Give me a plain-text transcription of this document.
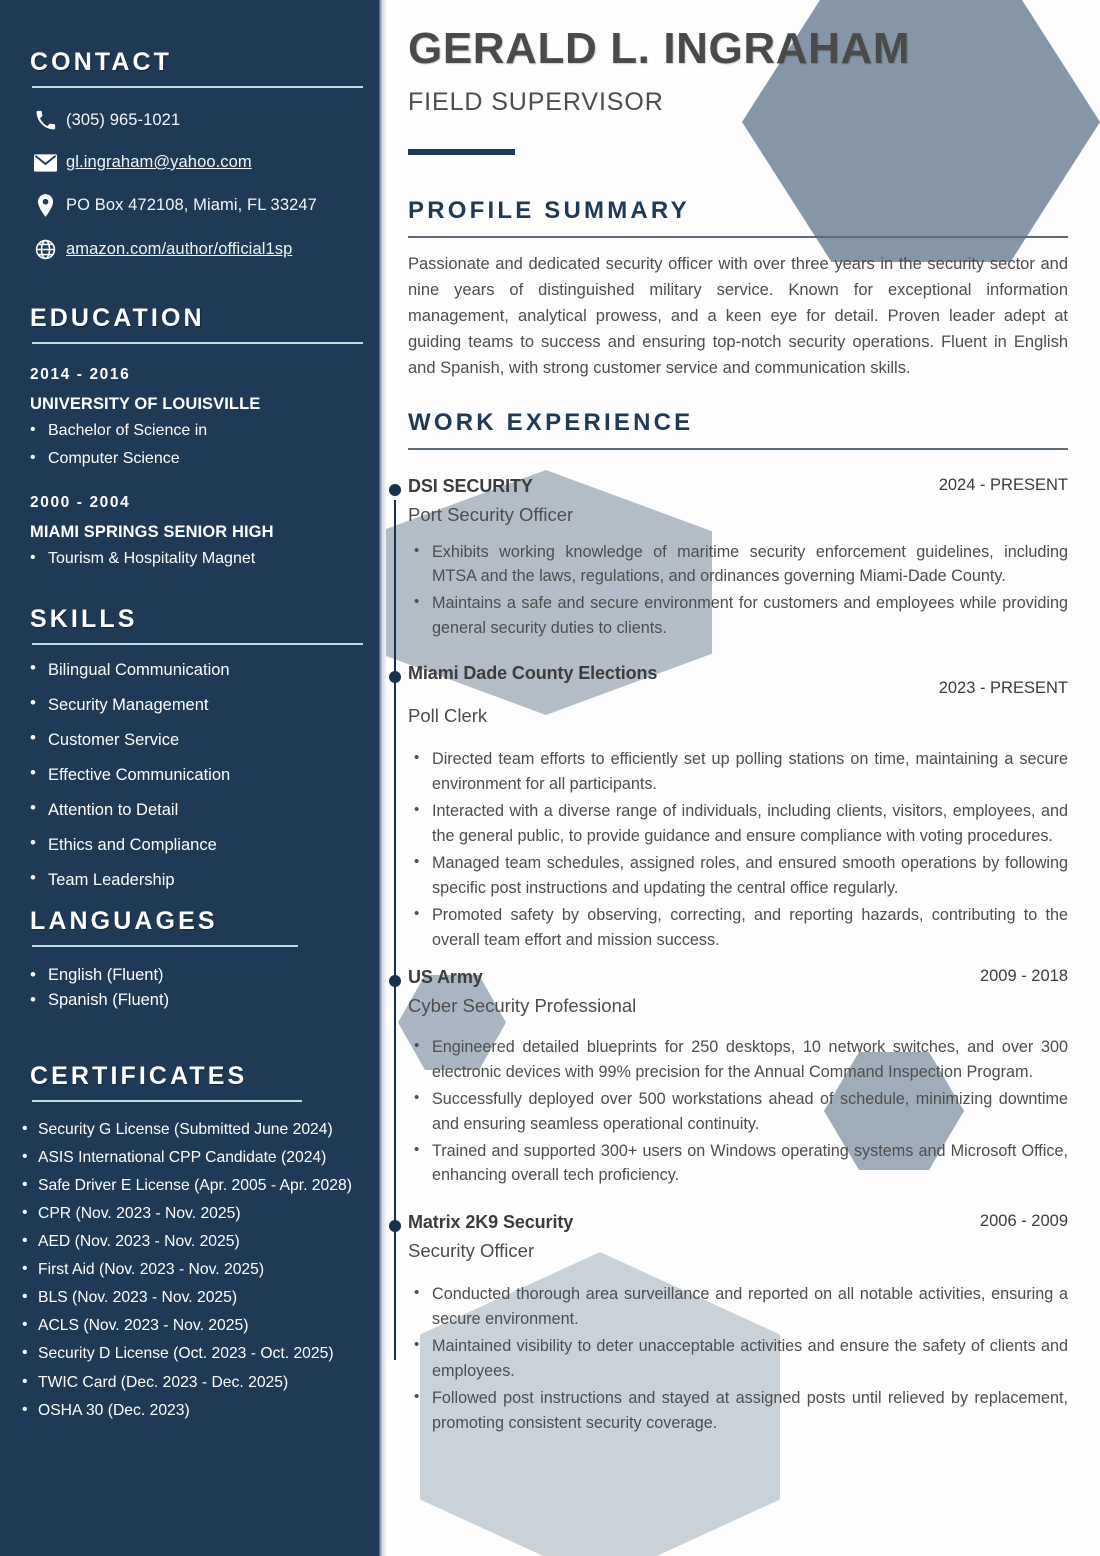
CONTACT
(305) 965-1021
gl.ingraham@yahoo.com
PO Box 472108, Miami, FL 33247
amazon.com/author/official1sp
EDUCATION
2014 - 2016
UNIVERSITY OF LOUISVILLE
• Bachelor of Science in
• Computer Science
2000 - 2004
MIAMI SPRINGS SENIOR HIGH
• Tourism & Hospitality Magnet
SKILLS
• Bilingual Communication
• Security Management
• Customer Service
• Effective Communication
• Attention to Detail
• Ethics and Compliance
• Team Leadership
LANGUAGES
• English (Fluent)
• Spanish (Fluent)
CERTIFICATES
• Security G License (Submitted June 2024)
• ASIS International CPP Candidate (2024)
• Safe Driver E License (Apr. 2005 - Apr. 2028)
• CPR (Nov. 2023 - Nov. 2025)
• AED (Nov. 2023 - Nov. 2025)
• First Aid (Nov. 2023 - Nov. 2025)
• BLS (Nov. 2023 - Nov. 2025)
• ACLS (Nov. 2023 - Nov. 2025)
• Security D License (Oct. 2023 - Oct. 2025)
• TWIC Card (Dec. 2023 - Dec. 2025)
• OSHA 30 (Dec. 2023)
GERALD L. INGRAHAM
FIELD SUPERVISOR
PROFILE SUMMARY

Passionate and dedicated security officer with over three years in the security sector and nine years of distinguished military service. Known for exceptional information management, analytical prowess, and a keen eye for detail. Proven leader adept at guiding teams to success and ensuring top-notch security operations. Fluent in English and Spanish, with strong customer service and communication skills.

WORK EXPERIENCE
DSI SECURITY	2024 - PRESENT
Port Security Officer
• Exhibits working knowledge of maritime security enforcement guidelines, including MTSA and the laws, regulations, and ordinances governing Miami-Dade County.
• Maintains a safe and secure environment for customers and employees while providing general security duties to clients.
Miami Dade County Elections
2023 - PRESENT
Poll Clerk
• Directed team efforts to efficiently set up polling stations on time, maintaining a secure environment for all participants.
• Interacted with a diverse range of individuals, including clients, visitors, employees, and the general public, to provide guidance and ensure compliance with voting procedures.
• Managed team schedules, assigned roles, and ensured smooth operations by following specific post instructions and updating the central office regularly.
• Promoted safety by observing, correcting, and reporting hazards, contributing to the overall team effort and mission success.
US Army	2009 - 2018
Cyber Security Professional
• Engineered detailed blueprints for 250 desktops, 10 network switches, and over 300 electronic devices with 99% precision for the Annual Command Inspection Program.
• Successfully deployed over 500 workstations ahead of schedule, minimizing downtime and ensuring seamless operational continuity.
• Trained and supported 300+ users on Windows operating systems and Microsoft Office, enhancing overall tech proficiency.
Matrix 2K9 Security	2006 - 2009
Security Officer
• Conducted thorough area surveillance and reported on all notable activities, ensuring a secure environment.
• Maintained visibility to deter unacceptable activities and ensure the safety of clients and employees.
• Followed post instructions and stayed at assigned posts until relieved by replacement, promoting consistent security coverage.
